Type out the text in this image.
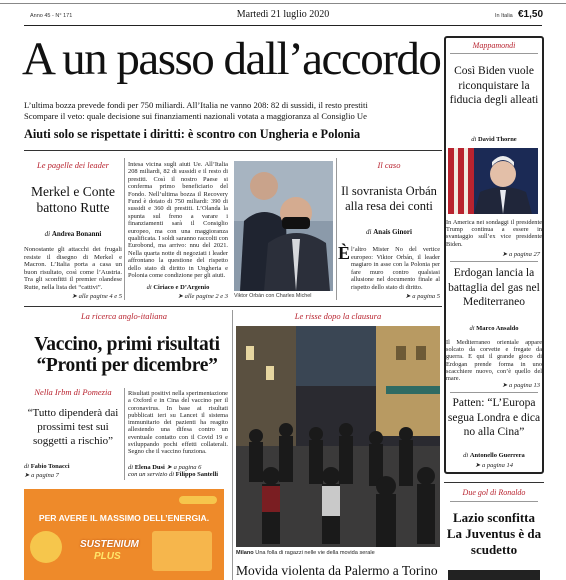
Anno 45 - N° 171	Martedì 21 luglio 2020	In Italia €1,50
A un passo dall’accordo
L’ultima bozza prevede fondi per 750 miliardi. All’Italia ne vanno 208: 82 di sussidi, il resto prestiti
Scompare il veto: quale decisione sui finanziamenti nazionali votata a maggioranza al Consiglio Ue
Aiuti solo se rispettate i diritti: è scontro con Ungheria e Polonia
Le pagelle dei leader
Merkel e Conte battono Rutte
di Andrea Bonanni
Nonostante gli attacchi dei frugali resiste il disegno di Merkel e Macron. L’Italia porta a casa un buon risultato, così come l’Austria. Tra gli sconfitti il premier olandese Rutte, nella lista dei “cattivi”.
➤ alle pagine 4 e 5
Intesa vicina sugli aiuti Ue. All’Italia 208 miliardi, 82 di sussidi e il resto di prestiti. Così il nostro Paese si conferma primo beneficiario del Fondo. Nell’ultima bozza il Recovery Fund è dotato di 750 miliardi: 390 di sussidi e 360 di prestiti. L’Olanda la spunta sul freno a varare i finanziamenti sarà il Consiglio europeo, ma con una maggioranza qualificata. I soldi saranno raccolti con Eurobond, ma arrivo: nnu del 2021. Nella quarta notte di negoziati i leader affrontano la questione del rispetto dello stato di diritto in Ungheria e Polonia come condizione per gli aiuti.
di Ciriaco e D’Argenio
➤ alle pagine 2 e 3 Viktor Orbán con Charles Michel
Il caso
Il sovranista Orbán alla resa dei conti
di Anais Ginori
È l’altro Mister No del vertice europeo: Viktor Orbán, il leader magiaro in asse con la Polonia per fare muro contro qualsiasi allusione nel documento finale al rispetto dello stato di diritto.
➤ a pagina 5
La ricerca anglo-italiana
Vaccino, primi risultati “Pronti per dicembre”
Nella Irbm di Pomezia
“Tutto dipenderà dai prossimi test sui soggetti a rischio”
di Fabio Tonacci
➤ a pagina 7
Risultati positivi nella sperimentazione a Oxford e in Cina del vaccino per il coronavirus. In base ai risultati pubblicati ieri su Lancet il sistema immunitario dei pazienti ha reagito allestendo una difesa contro un eventuale contatto con il Covid 19 e sviluppando pochi effetti collaterali. Segno che il vaccino funziona.
di Elena Dusi ➤ a pagina 6
con un servizio di Filippo Santelli
Le risse dopo la clausura
Milano Una folla di ragazzi nelle vie della movida serale
Movida violenta da Palermo a Torino
PER AVERE IL MASSIMO DELL’ENERGIA.
SUSTENIUM
PLUS
Mappamondi
Così Biden vuole riconquistare la fiducia degli alleati
di David Thorne
In America nei sondaggi il presidente Trump continua a essere in svantaggio sull’ex vice presidente Biden.
➤ a pagina 27
Erdogan lancia la battaglia del gas nel Mediterraneo
di Marco Ansaldo
Il Mediterraneo orientale appare solcato da corvette e fregate da guerra. E qui il grande gioco di Erdogan prende forma in uno scacchiere nuovo, con’è quello del mare.
➤ a pagina 13
Patten: “L’Europa segua Londra e dica no alla Cina”
di Antonello Guerrera
➤ a pagina 14
Due gol di Ronaldo
Lazio sconfitta La Juventus è da scudetto
